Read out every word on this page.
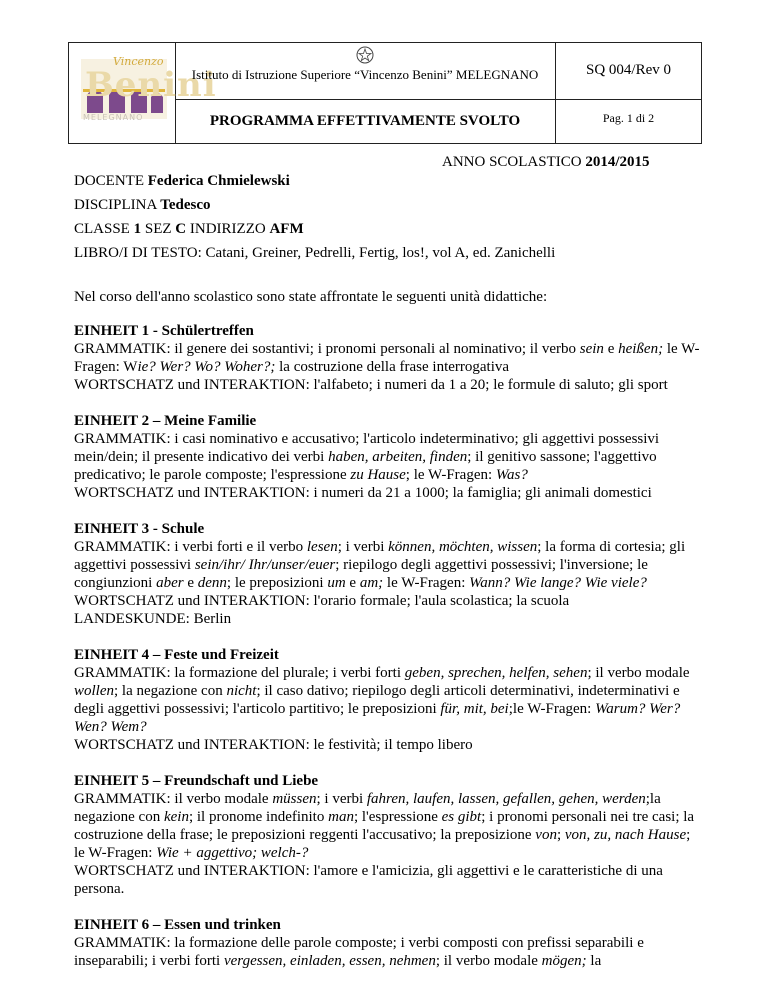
Vincenzo
Benini
MELEGNANO
Istituto di Istruzione Superiore “Vincenzo Benini” MELEGNANO
PROGRAMMA EFFETTIVAMENTE SVOLTO
SQ 004/Rev 0
Pag. 1 di 2
ANNO SCOLASTICO 2014/2015
DOCENTE Federica Chmielewski
DISCIPLINA Tedesco
CLASSE 1 SEZ C INDIRIZZO AFM
LIBRO/I DI TESTO: Catani, Greiner, Pedrelli, Fertig, los!, vol A, ed. Zanichelli
Nel corso dell'anno scolastico sono state affrontate le seguenti unità didattiche:

EINHEIT 1 - Schülertreffen

GRAMMATIK: il genere dei sostantivi; i pronomi personali al nominativo; il verbo sein e heißen; le W- Fragen: Wie? Wer? Wo? Woher?; la costruzione della frase interrogativa

WORTSCHATZ und INTERAKTION: l'alfabeto; i numeri da 1 a 20; le formule di saluto; gli sport

EINHEIT 2 – Meine Familie

GRAMMATIK: i casi nominativo e accusativo; l'articolo indeterminativo; gli aggettivi possessivi mein/dein; il presente indicativo dei verbi haben, arbeiten, finden; il genitivo sassone; l'aggettivo predicativo; le parole composte; l'espressione zu Hause; le W-Fragen: Was?

WORTSCHATZ und INTERAKTION: i numeri da 21 a 1000; la famiglia; gli animali domestici

EINHEIT 3 - Schule

GRAMMATIK: i verbi forti e il verbo lesen; i verbi können, möchten, wissen; la forma di cortesia; gli aggettivi possessivi sein/ihr/ Ihr/unser/euer; riepilogo degli aggettivi possessivi; l'inversione; le congiunzioni aber e denn; le preposizioni um e am; le W-Fragen: Wann? Wie lange? Wie viele?

WORTSCHATZ und INTERAKTION: l'orario formale; l'aula scolastica; la scuola

LANDESKUNDE: Berlin

EINHEIT 4 – Feste und Freizeit

GRAMMATIK: la formazione del plurale; i verbi forti geben, sprechen, helfen, sehen; il verbo modale wollen; la negazione con nicht; il caso dativo; riepilogo degli articoli determinativi, indeterminativi e degli aggettivi possessivi; l'articolo partitivo; le preposizioni für, mit, bei;le W-Fragen: Warum? Wer? Wen? Wem?

WORTSCHATZ und INTERAKTION: le festività; il tempo libero

EINHEIT 5 – Freundschaft und Liebe

GRAMMATIK: il verbo modale müssen; i verbi fahren, laufen, lassen, gefallen, gehen, werden;la negazione con kein; il pronome indefinito man; l'espressione es gibt; i pronomi personali nei tre casi; la costruzione della frase; le preposizioni reggenti l'accusativo; la preposizione von; von, zu, nach Hause; le W-Fragen: Wie + aggettivo; welch-?

WORTSCHATZ und INTERAKTION: l'amore e l'amicizia, gli aggettivi e le caratteristiche di una persona.

EINHEIT 6 – Essen und trinken

GRAMMATIK: la formazione delle parole composte; i verbi composti con prefissi separabili e inseparabili; i verbi forti vergessen, einladen, essen, nehmen; il verbo modale mögen; la
